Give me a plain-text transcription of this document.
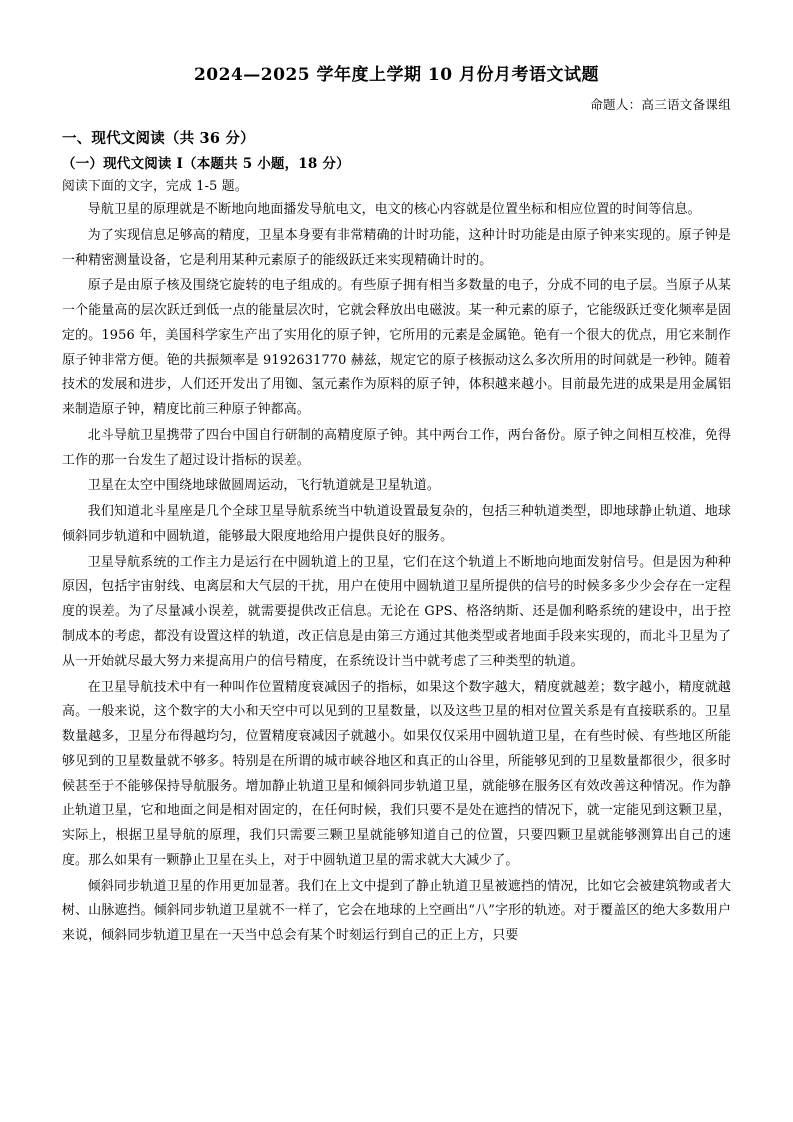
2024—2025 学年度上学期 10 月份月考语文试题
命题人：高三语文备课组
一、现代文阅读（共 36 分）
（一）现代文阅读 I（本题共 5 小题，18 分）
阅读下面的文字，完成 1-5 题。

导航卫星的原理就是不断地向地面播发导航电文，电文的核心内容就是位置坐标和相应位置的时间等信息。

为了实现信息足够高的精度，卫星本身要有非常精确的计时功能，这种计时功能是由原子钟来实现的。原子钟是一种精密测量设备，它是利用某种元素原子的能级跃迁来实现精确计时的。

原子是由原子核及围绕它旋转的电子组成的。有些原子拥有相当多数量的电子，分成不同的电子层。当原子从某一个能量高的层次跃迁到低一点的能量层次时，它就会释放出电磁波。某一种元素的原子，它能级跃迁变化频率是固定的。1956 年，美国科学家生产出了实用化的原子钟，它所用的元素是金属铯。铯有一个很大的优点，用它来制作原子钟非常方便。铯的共振频率是 9192631770 赫兹，规定它的原子核振动这么多次所用的时间就是一秒钟。随着技术的发展和进步，人们还开发出了用铷、氢元素作为原料的原子钟，体积越来越小。目前最先进的成果是用金属铝来制造原子钟，精度比前三种原子钟都高。

北斗导航卫星携带了四台中国自行研制的高精度原子钟。其中两台工作，两台备份。原子钟之间相互校准，免得工作的那一台发生了超过设计指标的误差。

卫星在太空中围绕地球做圆周运动，飞行轨道就是卫星轨道。

我们知道北斗星座是几个全球卫星导航系统当中轨道设置最复杂的，包括三种轨道类型，即地球静止轨道、地球倾斜同步轨道和中圆轨道，能够最大限度地给用户提供良好的服务。

卫星导航系统的工作主力是运行在中圆轨道上的卫星，它们在这个轨道上不断地向地面发射信号。但是因为种种原因，包括宇宙射线、电离层和大气层的干扰，用户在使用中圆轨道卫星所提供的信号的时候多多少少会存在一定程度的误差。为了尽量减小误差，就需要提供改正信息。无论在 GPS、格洛纳斯、还是伽利略系统的建设中，出于控制成本的考虑，都没有设置这样的轨道，改正信息是由第三方通过其他类型或者地面手段来实现的，而北斗卫星为了从一开始就尽最大努力来提高用户的信号精度，在系统设计当中就考虑了三种类型的轨道。

在卫星导航技术中有一种叫作位置精度衰减因子的指标，如果这个数字越大，精度就越差；数字越小，精度就越高。一般来说，这个数字的大小和天空中可以见到的卫星数量，以及这些卫星的相对位置关系是有直接联系的。卫星数量越多，卫星分布得越均匀，位置精度衰减因子就越小。如果仅仅采用中圆轨道卫星，在有些时候、有些地区所能够见到的卫星数量就不够多。特别是在所谓的城市峡谷地区和真正的山谷里，所能够见到的卫星数量都很少，很多时候甚至于不能够保持导航服务。增加静止轨道卫星和倾斜同步轨道卫星，就能够在服务区有效改善这种情况。作为静止轨道卫星，它和地面之间是相对固定的，在任何时候，我们只要不是处在遮挡的情况下，就一定能见到这颗卫星，实际上，根据卫星导航的原理，我们只需要三颗卫星就能够知道自己的位置，只要四颗卫星就能够测算出自己的速度。那么如果有一颗静止卫星在头上，对于中圆轨道卫星的需求就大大减少了。

倾斜同步轨道卫星的作用更加显著。我们在上文中提到了静止轨道卫星被遮挡的情况，比如它会被建筑物或者大树、山脉遮挡。倾斜同步轨道卫星就不一样了，它会在地球的上空画出“八”字形的轨迹。对于覆盖区的绝大多数用户来说，倾斜同步轨道卫星在一天当中总会有某个时刻运行到自己的正上方，只要
